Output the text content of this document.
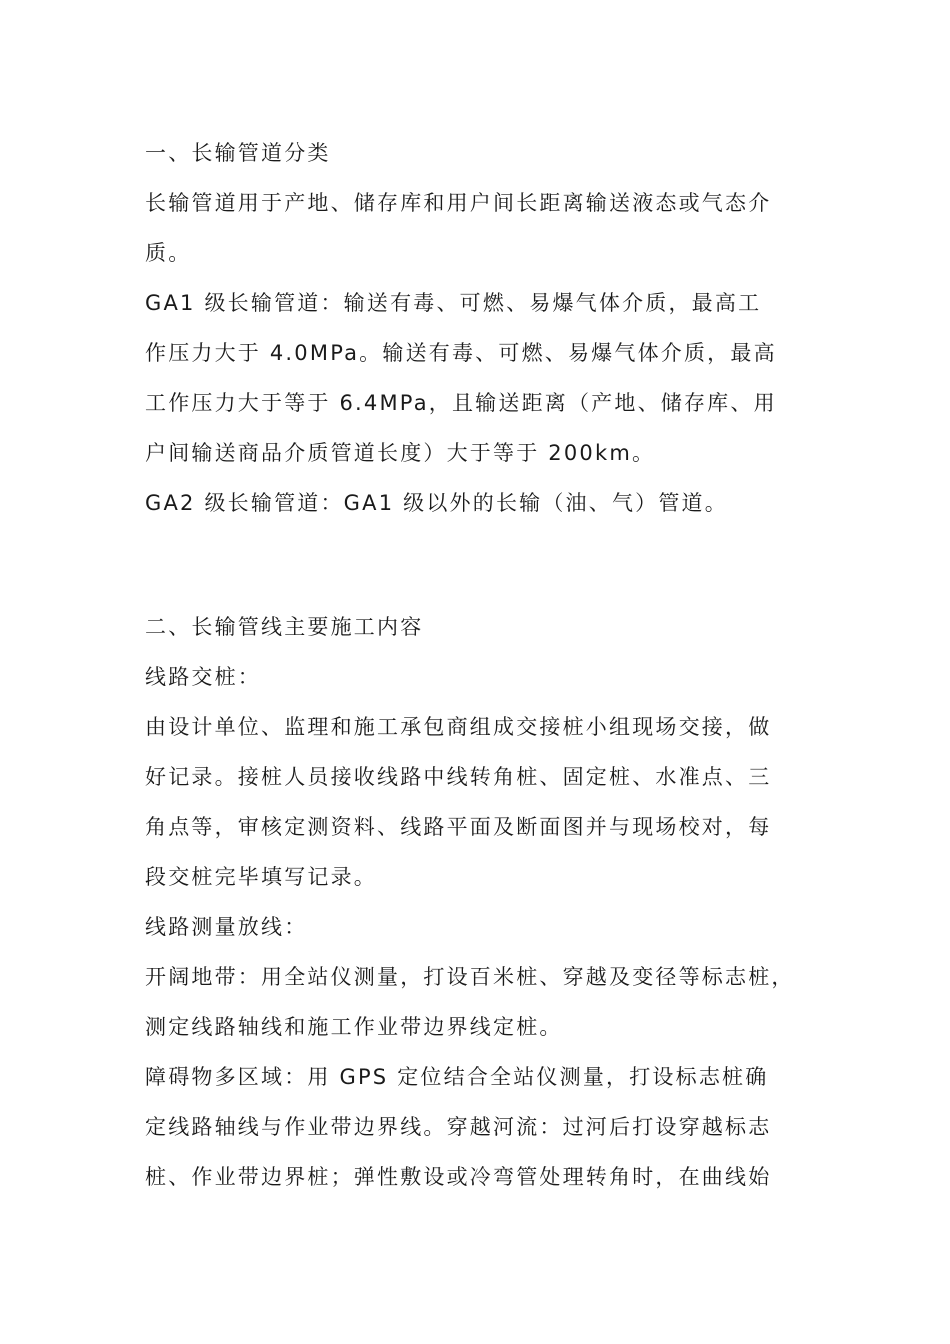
一、长输管道分类
长输管道用于产地、储存库和用户间长距离输送液态或气态介
质。
GA1 级长输管道：输送有毒、可燃、易爆气体介质，最高工
作压力大于 4.0MPa。输送有毒、可燃、易爆气体介质，最高
工作压力大于等于 6.4MPa，且输送距离（产地、储存库、用
户间输送商品介质管道长度）大于等于 200km。
GA2 级长输管道：GA1 级以外的长输（油、气）管道。
二、长输管线主要施工内容
线路交桩：
由设计单位、监理和施工承包商组成交接桩小组现场交接，做
好记录。接桩人员接收线路中线转角桩、固定桩、水准点、三
角点等，审核定测资料、线路平面及断面图并与现场校对，每
段交桩完毕填写记录。
线路测量放线：
开阔地带：用全站仪测量，打设百米桩、穿越及变径等标志桩，
测定线路轴线和施工作业带边界线定桩。
障碍物多区域：用 GPS 定位结合全站仪测量，打设标志桩确
定线路轴线与作业带边界线。穿越河流：过河后打设穿越标志
桩、作业带边界桩；弹性敷设或冷弯管处理转角时，在曲线始
